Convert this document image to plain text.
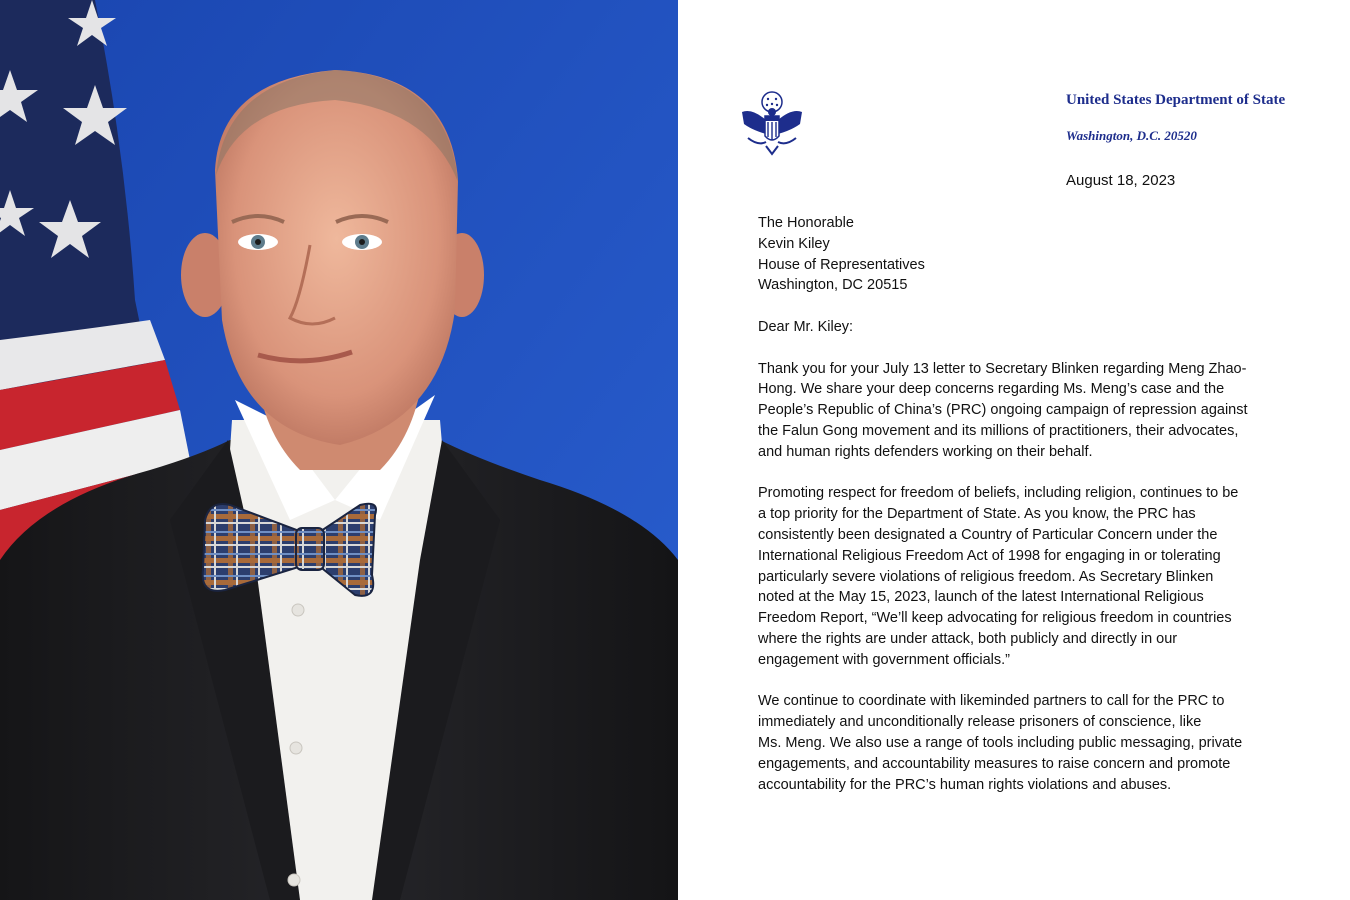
United States Department of State
Washington, D.C. 20520
August 18, 2023
The Honorable
Kevin Kiley
House of Representatives
Washington, DC 20515
Dear Mr. Kiley:
Thank you for your July 13 letter to Secretary Blinken regarding Meng Zhao-
Hong. We share your deep concerns regarding Ms. Meng’s case and the
People’s Republic of China’s (PRC) ongoing campaign of repression against
the Falun Gong movement and its millions of practitioners, their advocates,
and human rights defenders working on their behalf.
Promoting respect for freedom of beliefs, including religion, continues to be
a top priority for the Department of State. As you know, the PRC has
consistently been designated a Country of Particular Concern under the
International Religious Freedom Act of 1998 for engaging in or tolerating
particularly severe violations of religious freedom. As Secretary Blinken
noted at the May 15, 2023, launch of the latest International Religious
Freedom Report, “We’ll keep advocating for religious freedom in countries
where the rights are under attack, both publicly and directly in our
engagement with government officials.”
We continue to coordinate with likeminded partners to call for the PRC to
immediately and unconditionally release prisoners of conscience, like
Ms. Meng. We also use a range of tools including public messaging, private
engagements, and accountability measures to raise concern and promote
accountability for the PRC’s human rights violations and abuses.
